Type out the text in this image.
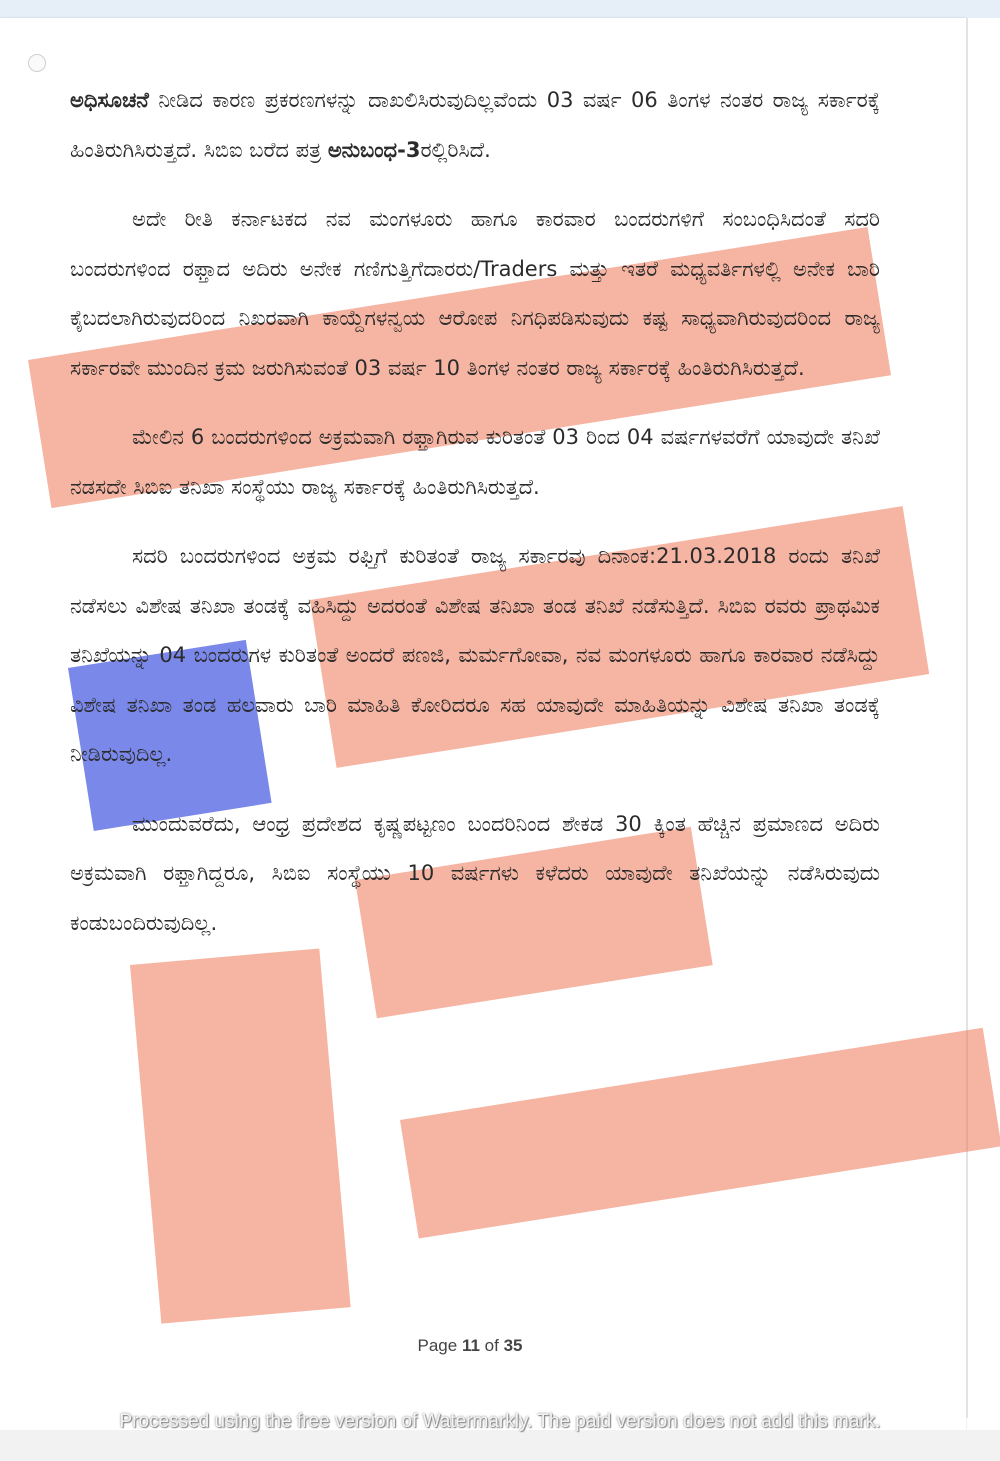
ಅಧಿಸೂಚನೆ ನೀಡಿದ ಕಾರಣ ಪ್ರಕರಣಗಳನ್ನು ದಾಖಲಿಸಿರುವುದಿಲ್ಲವೆಂದು 03 ವರ್ಷ 06 ತಿಂಗಳ ನಂತರ ರಾಜ್ಯ ಸರ್ಕಾರಕ್ಕೆ ಹಿಂತಿರುಗಿಸಿರುತ್ತದೆ. ಸಿಬಿಐ ಬರೆದ ಪತ್ರ ಅನುಬಂಧ-3ರಲ್ಲಿರಿಸಿದೆ.

ಅದೇ ರೀತಿ ಕರ್ನಾಟಕದ ನವ ಮಂಗಳೂರು ಹಾಗೂ ಕಾರವಾರ ಬಂದರುಗಳಿಗೆ ಸಂಬಂಧಿಸಿದಂತೆ ಸದರಿ ಬಂದರುಗಳಿಂದ ರಫ್ತಾದ ಅದಿರು ಅನೇಕ ಗಣಿಗುತ್ತಿಗೆದಾರರು/Traders ಮತ್ತು ಇತರೆ ಮಧ್ಯವರ್ತಿಗಳಲ್ಲಿ ಅನೇಕ ಬಾರಿ ಕೈಬದಲಾಗಿರುವುದರಿಂದ ನಿಖರವಾಗಿ ಕಾಯ್ದೆಗಳನ್ವಯ ಆರೋಪ ನಿಗಧಿಪಡಿಸುವುದು ಕಷ್ಟ ಸಾಧ್ಯವಾಗಿರುವುದರಿಂದ ರಾಜ್ಯ ಸರ್ಕಾರವೇ ಮುಂದಿನ ಕ್ರಮ ಜರುಗಿಸುವಂತೆ 03 ವರ್ಷ 10 ತಿಂಗಳ ನಂತರ ರಾಜ್ಯ ಸರ್ಕಾರಕ್ಕೆ ಹಿಂತಿರುಗಿಸಿರುತ್ತದೆ.

ಮೇಲಿನ 6 ಬಂದರುಗಳಿಂದ ಅಕ್ರಮವಾಗಿ ರಫ್ತಾಗಿರುವ ಕುರಿತಂತೆ 03 ರಿಂದ 04 ವರ್ಷಗಳವರೆಗೆ ಯಾವುದೇ ತನಿಖೆ ನಡಸದೇ ಸಿಬಿಐ ತನಿಖಾ ಸಂಸ್ಥೆಯು ರಾಜ್ಯ ಸರ್ಕಾರಕ್ಕೆ ಹಿಂತಿರುಗಿಸಿರುತ್ತದೆ.

ಸದರಿ ಬಂದರುಗಳಿಂದ ಅಕ್ರಮ ರಫ್ತಿಗೆ ಕುರಿತಂತೆ ರಾಜ್ಯ ಸರ್ಕಾರವು ದಿನಾಂಕ:21.03.2018 ರಂದು ತನಿಖೆ ನಡೆಸಲು ವಿಶೇಷ ತನಿಖಾ ತಂಡಕ್ಕೆ ವಹಿಸಿದ್ದು ಅದರಂತೆ ವಿಶೇಷ ತನಿಖಾ ತಂಡ ತನಿಖೆ ನಡೆಸುತ್ತಿದೆ. ಸಿಬಿಐ ರವರು ಪ್ರಾಥಮಿಕ ತನಿಖೆಯನ್ನು 04 ಬಂದರುಗಳ ಕುರಿತಂತೆ ಅಂದರೆ ಪಣಜಿ, ಮರ್ಮಗೋವಾ, ನವ ಮಂಗಳೂರು ಹಾಗೂ ಕಾರವಾರ ನಡೆಸಿದ್ದು ವಿಶೇಷ ತನಿಖಾ ತಂಡ ಹಲವಾರು ಬಾರಿ ಮಾಹಿತಿ ಕೋರಿದರೂ ಸಹ ಯಾವುದೇ ಮಾಹಿತಿಯನ್ನು ವಿಶೇಷ ತನಿಖಾ ತಂಡಕ್ಕೆ ನೀಡಿರುವುದಿಲ್ಲ.

ಮುಂದುವರೆದು, ಆಂಧ್ರ ಪ್ರದೇಶದ ಕೃಷ್ಣಪಟ್ಟಣಂ ಬಂದರಿನಿಂದ ಶೇಕಡ 30 ಕ್ಕಿಂತ ಹೆಚ್ಚಿನ ಪ್ರಮಾಣದ ಅದಿರು ಅಕ್ರಮವಾಗಿ ರಫ್ತಾಗಿದ್ದರೂ, ಸಿಬಿಐ ಸಂಸ್ಥೆಯು 10 ವರ್ಷಗಳು ಕಳೆದರು ಯಾವುದೇ ತನಿಖೆಯನ್ನು ನಡೆಸಿರುವುದು ಕಂಡುಬಂದಿರುವುದಿಲ್ಲ.

Page 11 of 35
Processed using the free version of Watermarkly. The paid version does not add this mark.
